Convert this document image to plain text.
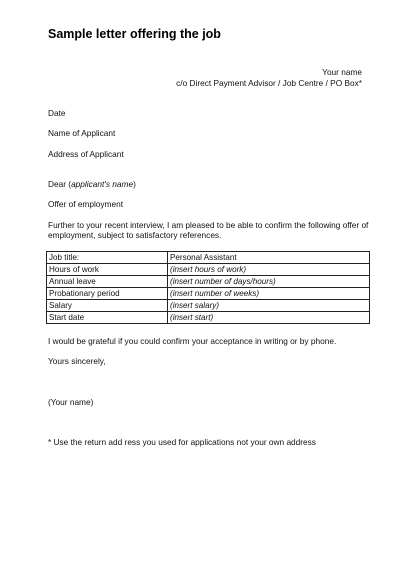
Sample letter offering the job
Your name
c/o Direct Payment Advisor / Job Centre / PO Box*
Date
Name of Applicant
Address of Applicant
Dear (applicant's name)
Offer of employment
Further to your recent interview, I am pleased to be able to confirm the following offer of
employment, subject to satisfactory references.
Job title:	Personal Assistant
Hours of work	(insert hours of work)
Annual leave	(insert number of days/hours)
Probationary period	(insert number of weeks)
Salary	(insert salary)
Start date	(insert start)
I would be grateful if you could confirm your acceptance in writing or by phone.
Yours sincerely,
(Your name)
* Use the return add ress you used for applications not your own address
